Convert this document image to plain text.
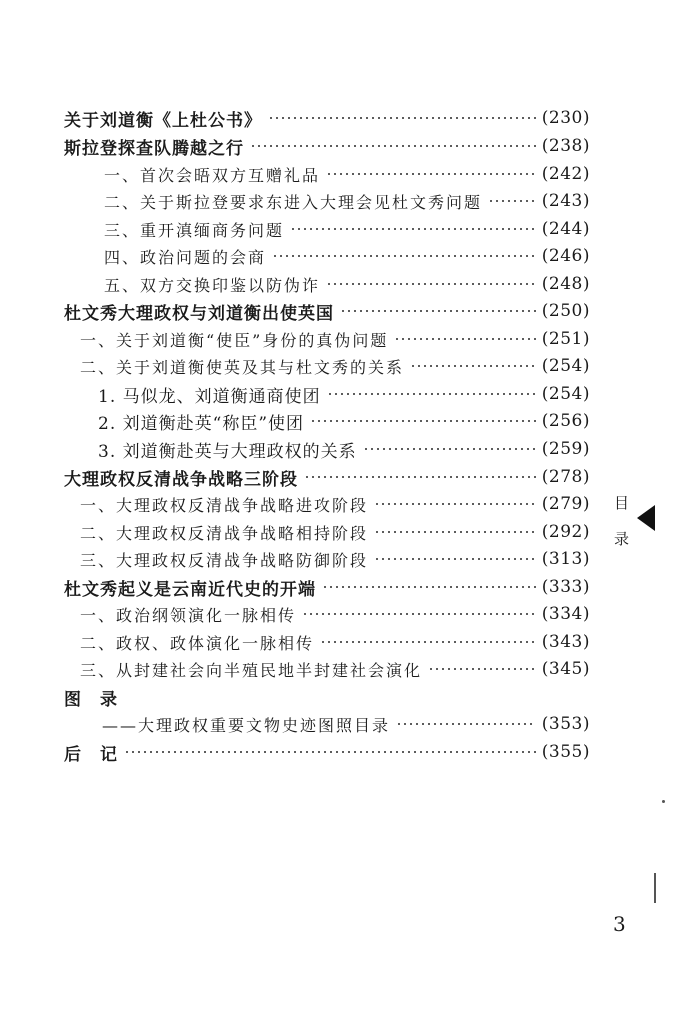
关于刘道衡《上杜公书》	(230)
斯拉登探查队腾越之行	(238)
一、首次会晤双方互赠礼品	(242)
二、关于斯拉登要求东进入大理会见杜文秀问题	(243)
三、重开滇缅商务问题	(244)
四、政治问题的会商	(246)
五、双方交换印鉴以防伪诈	(248)
杜文秀大理政权与刘道衡出使英国	(250)
一、关于刘道衡“使臣”身份的真伪问题	(251)
二、关于刘道衡使英及其与杜文秀的关系	(254)
1. 马似龙、刘道衡通商使团	(254)
2. 刘道衡赴英“称臣”使团	(256)
3. 刘道衡赴英与大理政权的关系	(259)
大理政权反清战争战略三阶段	(278)
一、大理政权反清战争战略进攻阶段	(279)
二、大理政权反清战争战略相持阶段	(292)
三、大理政权反清战争战略防御阶段	(313)
杜文秀起义是云南近代史的开端	(333)
一、政治纲领演化一脉相传	(334)
二、政权、政体演化一脉相传	(343)
三、从封建社会向半殖民地半封建社会演化	(345)
图　录
——大理政权重要文物史迹图照目录	(353)
后　记	(355)
目
录
3
